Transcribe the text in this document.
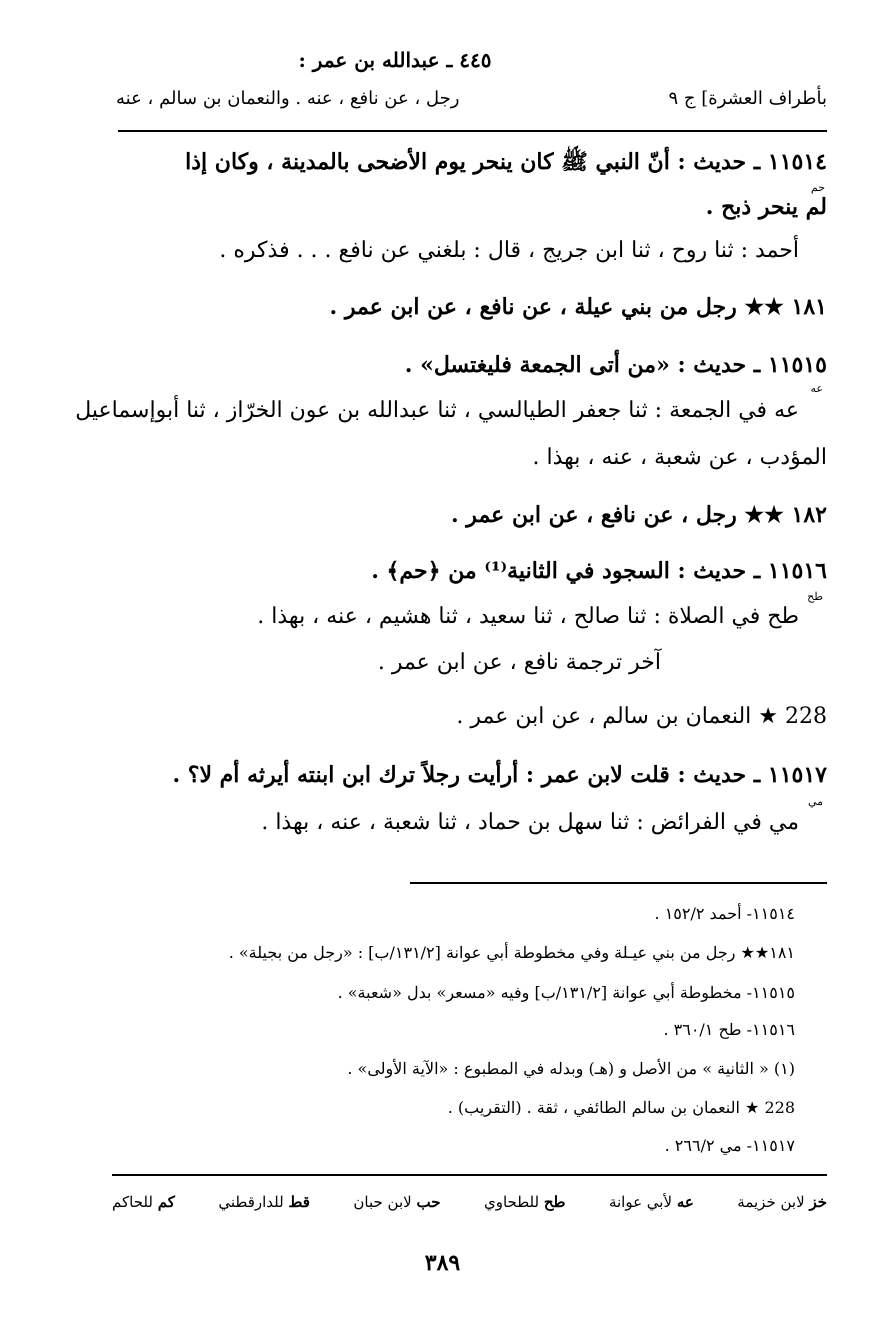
٤٤٥ ـ عبدالله بن عمر :
بأطراف العشرة] ج ٩
رجل ، عن نافع ، عنه . والنعمان بن سالم ، عنه
١١٥١٤ ـ حديث : أنّ النبي ﷺ كان ينحر يوم الأضحى بالمدينة ، وكان إذا
حم
لم ينحر ذبح .
أحمد : ثنا روح ، ثنا ابن جريج ، قال : بلغني عن نافع . . . فذكره .
١٨١ ★★ رجل من بني عيلة ، عن نافع ، عن ابن عمر .
١١٥١٥ ـ حديث : «من أتى الجمعة فليغتسل» .
عه
عه في الجمعة : ثنا جعفر الطيالسي ، ثنا عبدالله بن عون الخرّاز ، ثنا أبوإسماعيل
المؤدب ، عن شعبة ، عنه ، بهذا .
١٨٢ ★★ رجل ، عن نافع ، عن ابن عمر .
١١٥١٦ ـ حديث : السجود في الثانية⁽¹⁾ من ﴿حم﴾ .
طح
طح في الصلاة : ثنا صالح ، ثنا سعيد ، ثنا هشيم ، عنه ، بهذا .
آخر ترجمة نافع ، عن ابن عمر .
228 ★ النعمان بن سالم ، عن ابن عمر .
١١٥١٧ ـ حديث : قلت لابن عمر : أرأيت رجلاً ترك ابن ابنته أيرثه أم لا؟ .
مي
مي في الفرائض : ثنا سهل بن حماد ، ثنا شعبة ، عنه ، بهذا .
١١٥١٤- أحمد ١٥٢/٢ .
١٨١★★ رجل من بني عيـلة وفي مخطوطة أبي عوانة [١٣١/٢/ب] : «رجل من بجيلة» .
١١٥١٥- مخطوطة أبي عوانة [١٣١/٢/ب] وفيه «مسعر» بدل «شعبة» .
١١٥١٦- طح ٣٦٠/١ .
(١) « الثانية » من الأصل و (هـ) وبدله في المطبوع : «الآية الأولى» .
228 ★ النعمان بن سالم الطائفي ، ثقة . (التقريب) .
١١٥١٧- مي ٢٦٦/٢ .
خز لابن خزيمة
عه لأبي عوانة
طح للطحاوي
حب لابن حبان
قط للدارقطني
كم للحاكم
٣٨٩
